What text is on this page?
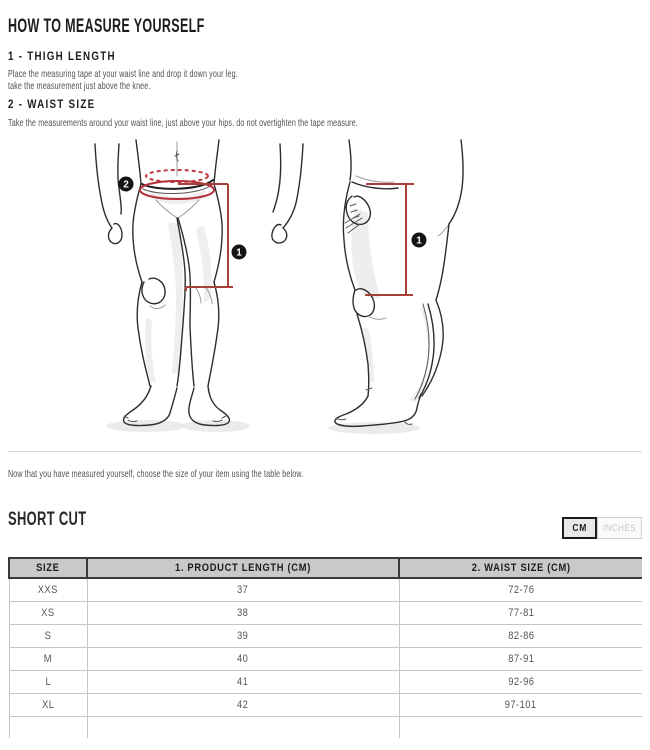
HOW TO MEASURE YOURSELF
1 - THIGH LENGTH
Place the measuring tape at your waist line and drop it down your leg.
take the measurement just above the knee.
2 - WAIST SIZE
Take the measurements around your waist line, just above your hips. do not overtighten the tape measure.
2
1
1
Now that you have measured yourself, choose the size of your item using the table below.
SHORT CUT	CM INCHES
SIZE	1. PRODUCT LENGTH (CM)	2. WAIST SIZE (CM)
XXS	37	72-76
XS	38	77-81
S	39	82-86
M	40	87-91
L	41	92-96
XL	42	97-101
